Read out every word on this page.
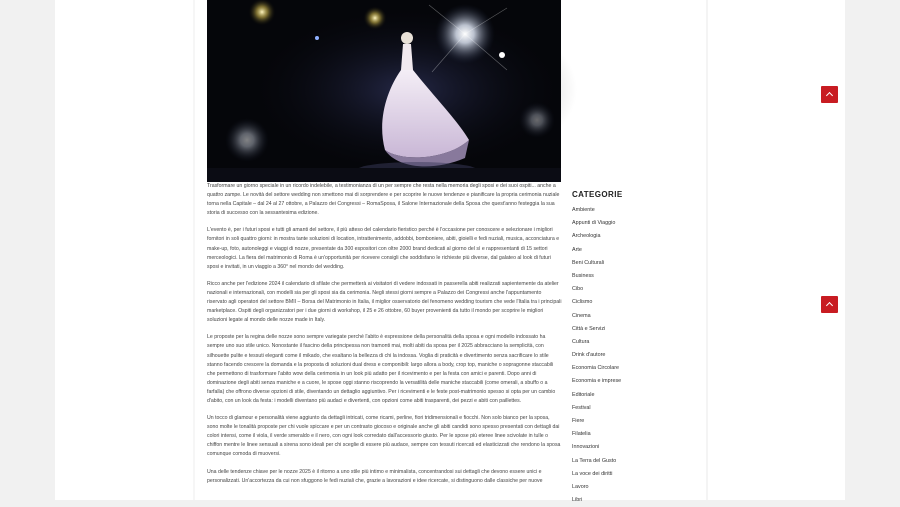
Trasformare un giorno speciale in un ricordo indelebile, a testimonianza di un per sempre che resta nella memoria degli sposi e dei suoi ospiti... anche a quattro zampe. Le novità del settore wedding non smettono mai di sorprendere e per scoprire le nuove tendenze e pianificare la propria cerimonia nuziale torna nella Capitale – dal 24 al 27 ottobre, a Palazzo dei Congressi – RomaSposa, il Salone Internazionale della Sposa che quest'anno festeggia la sua storia di successo con la sessantesima edizione.

L'evento è, per i futuri sposi e tutti gli amanti del settore, il più atteso del calendario fieristico perché è l'occasione per conoscere e selezionare i migliori fornitori in soli quattro giorni: in mostra tante soluzioni di location, intrattenimento, addobbi, bomboniere, abiti, gioielli e fedi nuziali, musica, acconciatura e make-up, foto, autonoleggi e viaggi di nozze, presentate da 300 espositori con oltre 2000 brand dedicati al giorno del sì e rappresentanti di 15 settori merceologici. La fiera del matrimonio di Roma è un'opportunità per ricevere consigli che soddisfano le richieste più diverse, dal galateo al look di futuri sposi e invitati, in un viaggio a 360° nel mondo del wedding.

Ricco anche per l'edizione 2024 il calendario di sfilate che permetterà ai visitatori di vedere indossati in passerella abiti realizzati sapientemente da atelier nazionali e internazionali, con modelli sia per gli sposi sia da cerimonia. Negli stessi giorni sempre a Palazzo dei Congressi anche l'appuntamento riservato agli operatori del settore BMII – Borsa del Matrimonio in Italia, il miglior osservatorio del fenomeno wedding tourism che vede l'Italia tra i principali marketplace. Ospiti degli organizzatori per i due giorni di workshop, il 25 e 26 ottobre, 60 buyer provenienti da tutto il mondo per scoprire le migliori soluzioni legate al mondo delle nozze made in Italy.

Le proposte per la regina delle nozze sono sempre variegate perché l'abito è espressione della personalità della sposa e ogni modello indossato ha sempre uno suo stile unico. Nonostante il fascino della principessa non tramonti mai, molti abiti da sposa per il 2025 abbracciano la semplicità, con silhouette pulite e tessuti eleganti come il mikado, che esaltano la bellezza di chi la indossa. Voglia di praticità e divertimento senza sacrificare lo stile stanno facendo crescere la domanda e la proposta di soluzioni dual dress e componibili: largo allora a body, crop top, maniche o sopragonne staccabili che permettono di trasformare l'abito wow della cerimonia in un look più adatto per il ricevimento e per la festa con amici e parenti. Dopo anni di dominazione degli abiti senza maniche e a cuore, le spose oggi stanno riscoprendo la versatilità delle maniche staccabili (come omerali, a sbuffo o a farfalla) che offrono diverse opzioni di stile, diventando un dettaglio aggiuntivo. Per i ricevimenti e le feste post-matrimonio spesso si opta per un cambio d'abito, con un look da festa: i modelli diventano più audaci e divertenti, con opzioni come abiti trasparenti, dei pezzi e abiti con paillettes.

Un tocco di glamour e personalità viene aggiunto da dettagli intricati, come ricami, perline, fiori tridimensionali e fiocchi. Non solo bianco per la sposa, sono molte le tonalità proposte per chi vuole spiccare e per un contrasto giocoso e originale anche gli abiti candidi sono spesso presentati con dettagli dai colori intensi, come il viola, il verde smeraldo e il nero, con ogni look corredato dall'accessorio giusto. Per le spose più eteree linee scivolate in tulle o chiffon mentre le linee sensuali a sirena sono ideali per chi sceglie di essere più audace, sempre con tessuti ricercati ed elasticizzati che rendono la sposa comunque comoda di muoversi.

Una delle tendenze chiave per le nozze 2025 è il ritorno a uno stile più intimo e minimalista, concentrandosi sui dettagli che devono essere unici e personalizzati. Un'accortezza da cui non sfuggono le fedi nuziali che, grazie a lavorazioni e idee ricercate, si distinguono dalle classiche per nuove

CATEGORIE
Ambiente
Appunti di Viaggio
Archeologia
Arte
Beni Culturali
Business
Cibo
Ciclismo
Cinema
Città e Servizi
Cultura
Drink d'autore
Economia Circolare
Economia e imprese
Editoriale
Festival
Fiere
Filatelia
Innovazioni
La Terra del Gusto
La voce dei diritti
Lavoro
Libri
